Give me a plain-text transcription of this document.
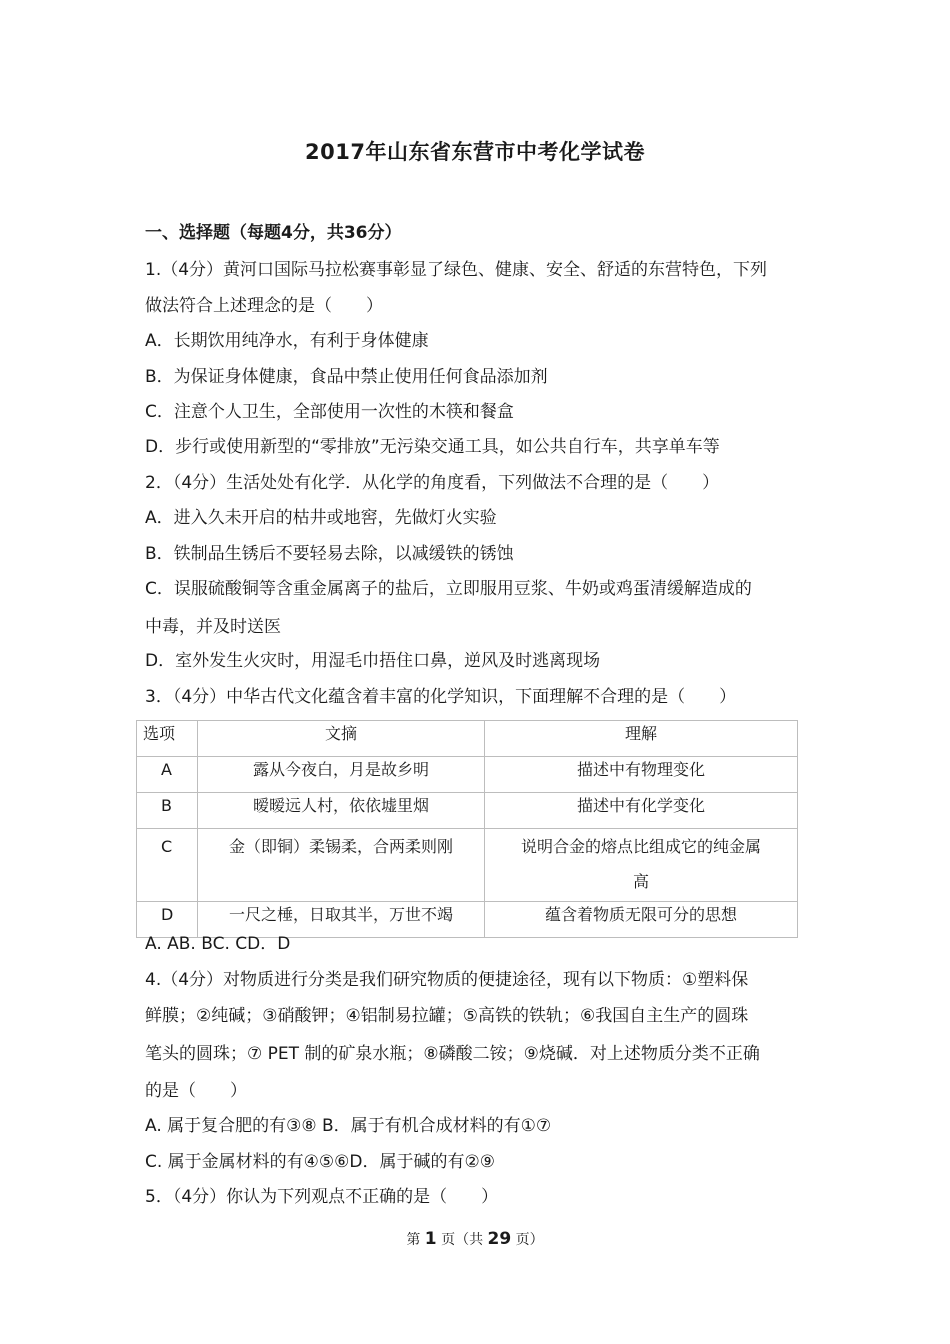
2017年山东省东营市中考化学试卷
一、选择题（每题4分，共36分）
1.（4分）黄河口国际马拉松赛事彰显了绿色、健康、安全、舒适的东营特色，下列
做法符合上述理念的是（　　）
A．长期饮用纯净水，有利于身体健康
B．为保证身体健康，食品中禁止使用任何食品添加剂
C．注意个人卫生，全部使用一次性的木筷和餐盒
D．步行或使用新型的“零排放”无污染交通工具，如公共自行车，共享单车等
2．（4分）生活处处有化学．从化学的角度看，下列做法不合理的是（　　）
A．进入久未开启的枯井或地窖，先做灯火实验
B．铁制品生锈后不要轻易去除，以减缓铁的锈蚀
C．误服硫酸铜等含重金属离子的盐后，立即服用豆浆、牛奶或鸡蛋清缓解造成的
中毒，并及时送医
D．室外发生火灾时，用湿毛巾捂住口鼻，逆风及时逃离现场
3．（4分）中华古代文化蕴含着丰富的化学知识，下面理解不合理的是（　　）
选项	文摘	理解
A	露从今夜白，月是故乡明	描述中有物理变化
B	暧暧远人村，依依墟里烟	描述中有化学变化
C	金（即铜）柔锡柔，合两柔则刚	说明合金的熔点比组成它的纯金属
高

D	一尺之棰，日取其半，万世不竭	蕴含着物质无限可分的思想
A. AB. BC. CD．D
4.（4分）对物质进行分类是我们研究物质的便捷途径，现有以下物质：①塑料保
鲜膜；②纯碱；③硝酸钾；④铝制易拉罐；⑤高铁的铁轨；⑥我国自主生产的圆珠
笔头的圆珠；⑦ PET 制的矿泉水瓶；⑧磷酸二铵；⑨烧碱．对上述物质分类不正确
的是（　　）
A. 属于复合肥的有③⑧ B．属于有机合成材料的有①⑦
C. 属于金属材料的有④⑤⑥D．属于碱的有②⑨
5．（4分）你认为下列观点不正确的是（　　）
第 1 页（共 29 页）
